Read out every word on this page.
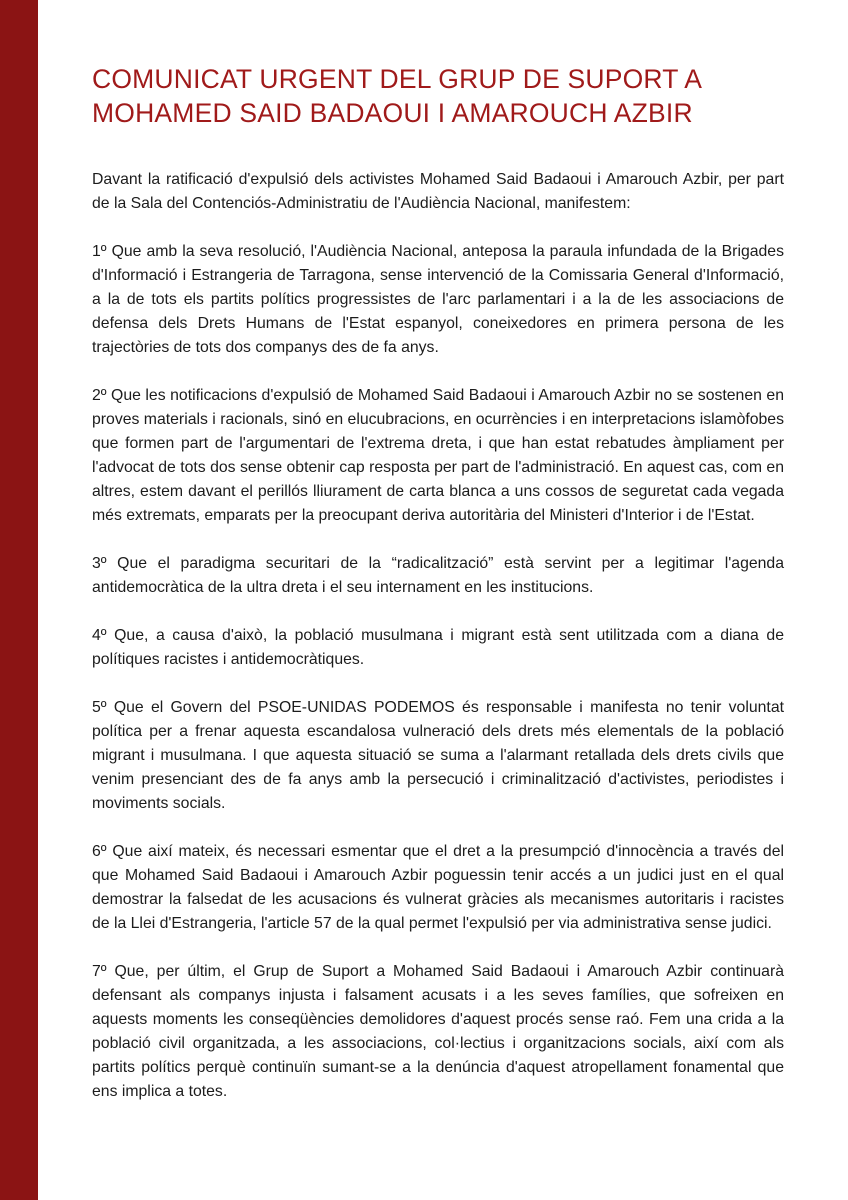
COMUNICAT URGENT DEL GRUP DE SUPORT A MOHAMED SAID BADAOUI I AMAROUCH AZBIR

Davant la ratificació d'expulsió dels activistes Mohamed Said Badaoui i Amarouch Azbir, per part de la Sala del Contenciós-Administratiu de l'Audiència Nacional, manifestem:

1º Que amb la seva resolució, l'Audiència Nacional, anteposa la paraula infundada de la Brigades d'Informació i Estrangeria de Tarragona, sense intervenció de la Comissaria General d'Informació, a la de tots els partits polítics progressistes de l'arc parlamentari i a la de les associacions de defensa dels Drets Humans de l'Estat espanyol, coneixedores en primera persona de les trajectòries de tots dos companys des de fa anys.

2º Que les notificacions d'expulsió de Mohamed Said Badaoui i Amarouch Azbir no se sostenen en proves materials i racionals, sinó en elucubracions, en ocurrències i en interpretacions islamòfobes que formen part de l'argumentari de l'extrema dreta, i que han estat rebatudes àmpliament per l'advocat de tots dos sense obtenir cap resposta per part de l'administració. En aquest cas, com en altres, estem davant el perillós lliurament de carta blanca a uns cossos de seguretat cada vegada més extremats, emparats per la preocupant deriva autoritària del Ministeri d'Interior i de l'Estat.

3º Que el paradigma securitari de la “radicalització” està servint per a legitimar l'agenda antidemocràtica de la ultra dreta i el seu internament en les institucions.

4º Que, a causa d'això, la població musulmana i migrant està sent utilitzada com a diana de polítiques racistes i antidemocràtiques.

5º Que el Govern del PSOE-UNIDAS PODEMOS és responsable i manifesta no tenir voluntat política per a frenar aquesta escandalosa vulneració dels drets més elementals de la població migrant i musulmana. I que aquesta situació se suma a l'alarmant retallada dels drets civils que venim presenciant des de fa anys amb la persecució i criminalització d'activistes, periodistes i moviments socials.

6º Que així mateix, és necessari esmentar que el dret a la presumpció d'innocència a través del que Mohamed Said Badaoui i Amarouch Azbir poguessin tenir accés a un judici just en el qual demostrar la falsedat de les acusacions és vulnerat gràcies als mecanismes autoritaris i racistes de la Llei d'Estrangeria, l'article 57 de la qual permet l'expulsió per via administrativa sense judici.

7º Que, per últim, el Grup de Suport a Mohamed Said Badaoui i Amarouch Azbir continuarà defensant als companys injusta i falsament acusats i a les seves famílies, que sofreixen en aquests moments les conseqüències demolidores d'aquest procés sense raó. Fem una crida a la població civil organitzada, a les associacions, col·lectius i organitzacions socials, així com als partits polítics perquè continuïn sumant-se a la denúncia d'aquest atropellament fonamental que ens implica a totes.
